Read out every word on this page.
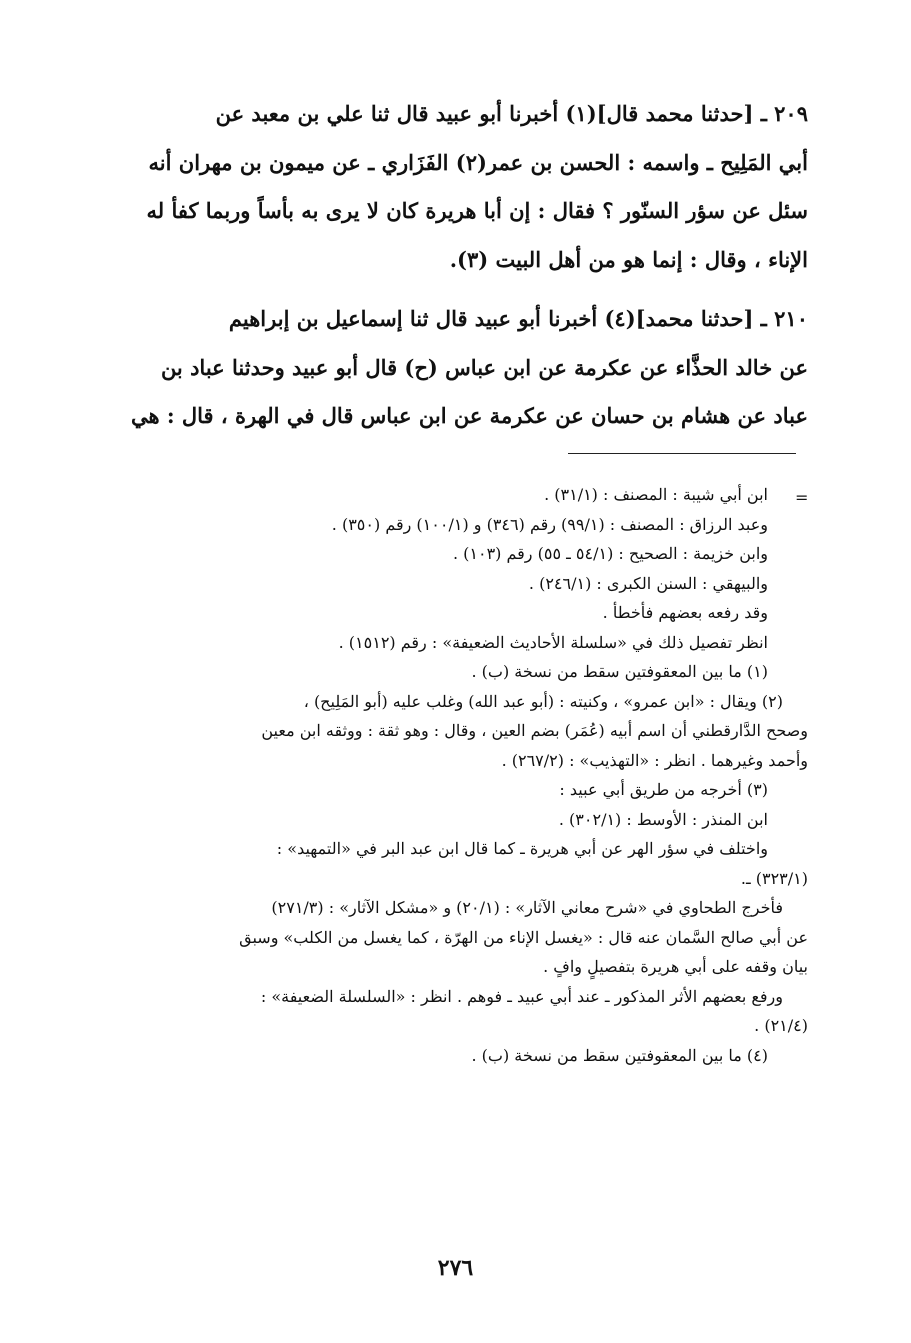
٢٠٩ ـ [حدثنا محمد قال](١) أخبرنا أبو عبيد قال ثنا علي بن معبد عن
أبي المَلِيح ـ واسمه : الحسن بن عمر(٢) الفَزَاري ـ عن ميمون بن مهران أنه
سئل عن سؤر السنّور ؟ فقال : إن أبا هريرة كان لا يرى به بأساً وربما كفأ له
الإناء ، وقال : إنما هو من أهل البيت (٣).

٢١٠ ـ [حدثنا محمد](٤) أخبرنا أبو عبيد قال ثنا إسماعيل بن إبراهيم
عن خالد الحذَّاء عن عكرمة عن ابن عباس (ح) قال أبو عبيد وحدثنا عباد بن
عباد عن هشام بن حسان عن عكرمة عن ابن عباس قال في الهرة ، قال : هي

=
ابن أبي شيبة : المصنف : (٣١/١) .
وعبد الرزاق : المصنف : (٩٩/١) رقم (٣٤٦) و (١٠٠/١) رقم (٣٥٠) .
وابن خزيمة : الصحيح : (٥٤/١ ـ ٥٥) رقم (١٠٣) .
والبيهقي : السنن الكبرى : (٢٤٦/١) .
وقد رفعه بعضهم فأخطأ .
انظر تفصيل ذلك في «سلسلة الأحاديث الضعيفة» : رقم (١٥١٢) .
(١) ما بين المعقوفتين سقط من نسخة (ب) .
(٢) ويقال : «ابن عمرو» ، وكنيته : (أبو عبد الله) وغلب عليه (أبو المَلِيح) ،
وصحح الدَّارقطني أن اسم أبيه (عُمَر) بضم العين ، وقال : وهو ثقة : ووثقه ابن معين
وأحمد وغيرهما . انظر : «التهذيب» : (٢٦٧/٢) .
(٣) أخرجه من طريق أبي عبيد :
ابن المنذر : الأوسط : (٣٠٢/١) .
واختلف في سؤر الهر عن أبي هريرة ـ كما قال ابن عبد البر في «التمهيد» :
(٣٢٣/١) ـ.
فأخرج الطحاوي في «شرح معاني الآثار» : (٢٠/١) و «مشكل الآثار» : (٢٧١/٣)
عن أبي صالح السَّمان عنه قال : «يغسل الإناء من الهرّة ، كما يغسل من الكلب» وسبق
بيان وقفه على أبي هريرة بتفصيلٍ وافٍ .
ورفع بعضهم الأثر المذكور ـ عند أبي عبيد ـ فوهم . انظر : «السلسلة الضعيفة» :
(٢١/٤) .
(٤) ما بين المعقوفتين سقط من نسخة (ب) .
٢٧٦
